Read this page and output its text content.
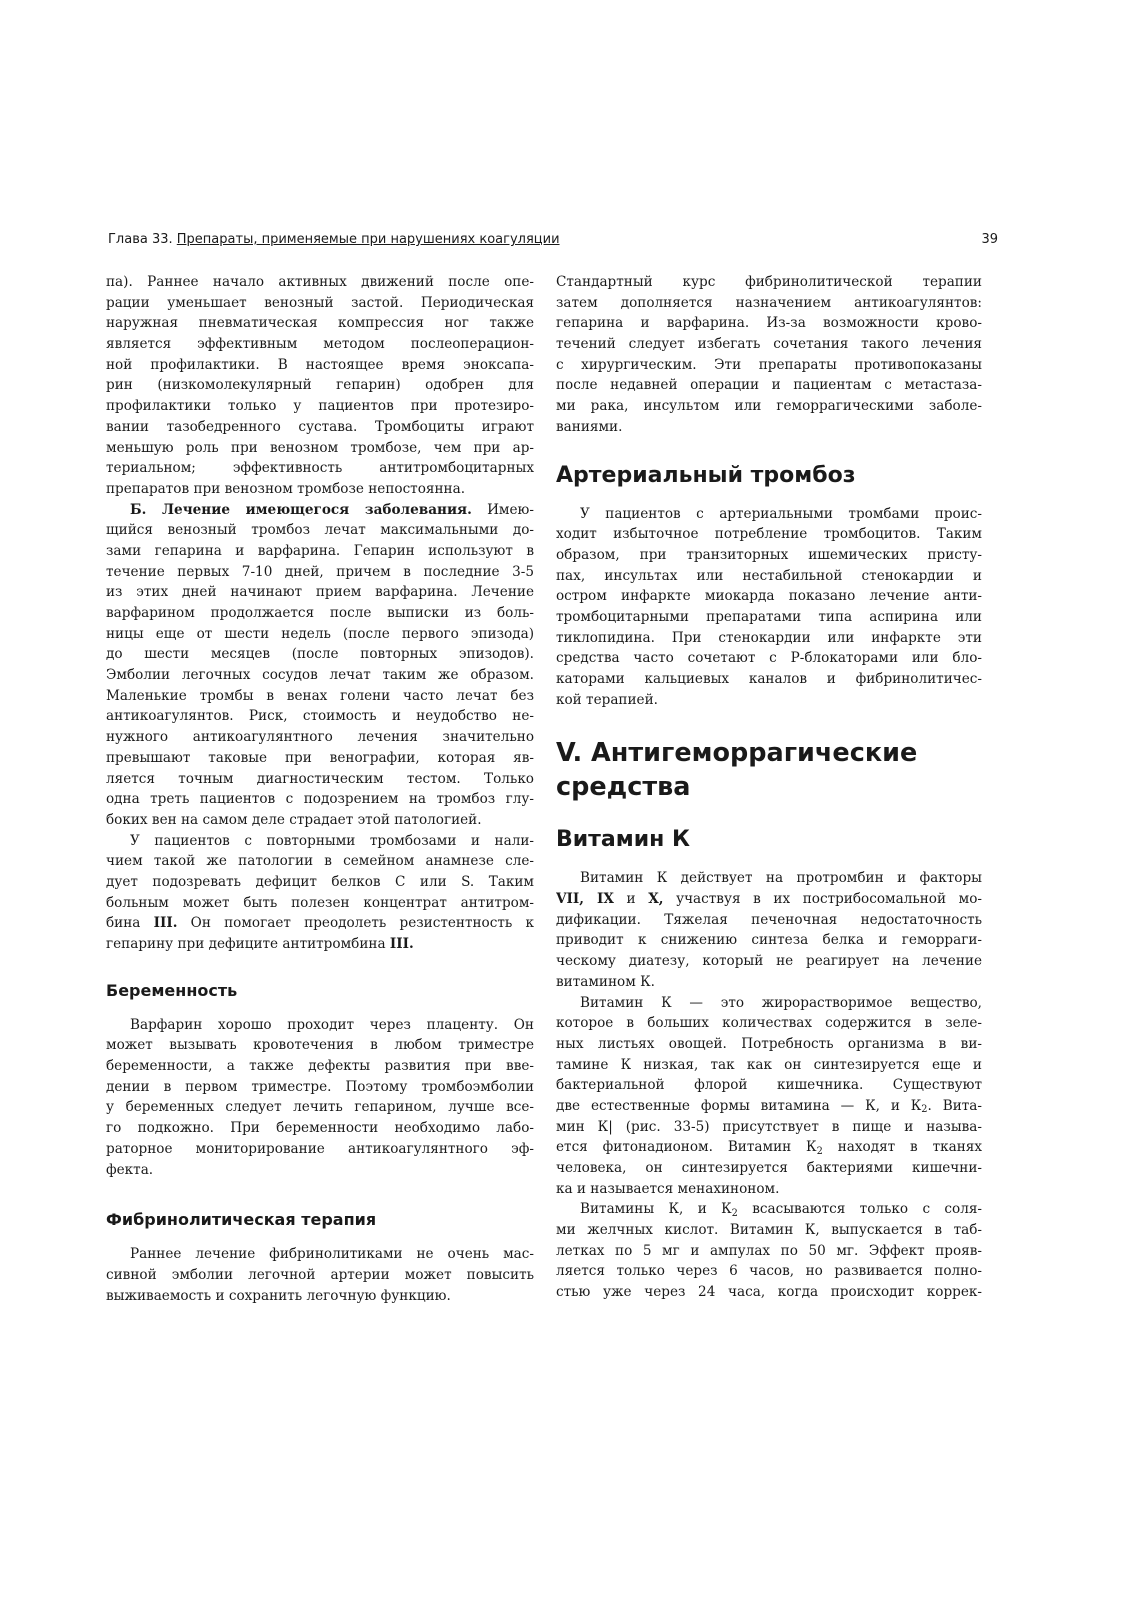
Глава 33. Препараты, применяемые при нарушениях коагуляции	39
па). Раннее начало активных движений после опе-
рации уменьшает венозный застой. Периодическая
наружная пневматическая компрессия ног также
является эффективным методом послеоперацион-
ной профилактики. В настоящее время эноксапа-
рин (низкомолекулярный гепарин) одобрен для
профилактики только у пациентов при протезиро-
вании тазобедренного сустава. Тромбоциты играют
меньшую роль при венозном тромбозе, чем при ар-
териальном; эффективность антитромбоцитарных
препаратов при венозном тромбозе непостоянна.
Б. Лечение имеющегося заболевания. Имею-
щийся венозный тромбоз лечат максимальными до-
зами гепарина и варфарина. Гепарин используют в
течение первых 7-10 дней, причем в последние 3-5
из этих дней начинают прием варфарина. Лечение
варфарином продолжается после выписки из боль-
ницы еще от шести недель (после первого эпизода)
до шести месяцев (после повторных эпизодов).
Эмболии легочных сосудов лечат таким же образом.
Маленькие тромбы в венах голени часто лечат без
антикоагулянтов. Риск, стоимость и неудобство не-
нужного антикоагулянтного лечения значительно
превышают таковые при венографии, которая яв-
ляется точным диагностическим тестом. Только
одна треть пациентов с подозрением на тромбоз глу-
боких вен на самом деле страдает этой патологией.
У пациентов с повторными тромбозами и нали-
чием такой же патологии в семейном анамнезе сле-
дует подозревать дефицит белков С или S. Таким
больным может быть полезен концентрат антитром-
бина III. Он помогает преодолеть резистентность к
гепарину при дефиците антитромбина III.
Беременность
Варфарин хорошо проходит через плаценту. Он
может вызывать кровотечения в любом триместре
беременности, а также дефекты развития при вве-
дении в первом триместре. Поэтому тромбоэмболии
у беременных следует лечить гепарином, лучше все-
го подкожно. При беременности необходимо лабо-
раторное мониторирование антикоагулянтного эф-
фекта.
Фибринолитическая терапия
Раннее лечение фибринолитиками не очень мас-
сивной эмболии легочной артерии может повысить
выживаемость и сохранить легочную функцию.
Стандартный курс фибринолитической терапии
затем дополняется назначением антикоагулянтов:
гепарина и варфарина. Из-за возможности крово-
течений следует избегать сочетания такого лечения
с хирургическим. Эти препараты противопоказаны
после недавней операции и пациентам с метастаза-
ми рака, инсультом или геморрагическими заболе-
ваниями.
Артериальный тромбоз
У пациентов с артериальными тромбами проис-
ходит избыточное потребление тромбоцитов. Таким
образом, при транзиторных ишемических присту-
пах, инсультах или нестабильной стенокардии и
остром инфаркте миокарда показано лечение анти-
тромбоцитарными препаратами типа аспирина или
тиклопидина. При стенокардии или инфаркте эти
средства часто сочетают с Р-блокаторами или бло-
каторами кальциевых каналов и фибринолитичес-
кой терапией.
V. Антигеморрагические
средства
Витамин К
Витамин К действует на протромбин и факторы
VII, IX и X, участвуя в их пострибосомальной мо-
дификации. Тяжелая печеночная недостаточность
приводит к снижению синтеза белка и геморраги-
ческому диатезу, который не реагирует на лечение
витамином К.
Витамин К — это жирорастворимое вещество,
которое в больших количествах содержится в зеле-
ных листьях овощей. Потребность организма в ви-
тамине К низкая, так как он синтезируется еще и
бактериальной флорой кишечника. Существуют
две естественные формы витамина — К, и К2. Вита-
мин К| (рис. 33-5) присутствует в пище и называ-
ется фитонадионом. Витамин К2 находят в тканях
человека, он синтезируется бактериями кишечни-
ка и называется менахиноном.
Витамины К, и К2 всасываются только с соля-
ми желчных кислот. Витамин К, выпускается в таб-
летках по 5 мг и ампулах по 50 мг. Эффект прояв-
ляется только через 6 часов, но развивается полно-
стью уже через 24 часа, когда происходит коррек-
